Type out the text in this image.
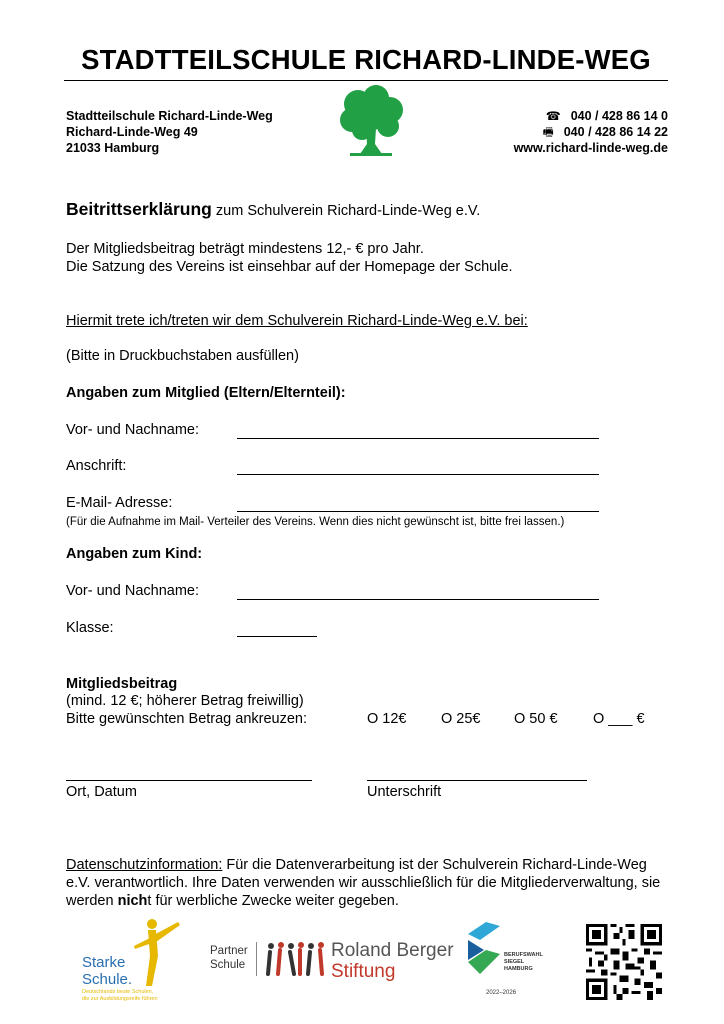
STADTTEILSCHULE RICHARD-LINDE-WEG
Stadtteilschule Richard-Linde-Weg
Richard-Linde-Weg 49
21033 Hamburg
☎ 040 / 428 86 14 0
🖷 040 / 428 86 14 22
www.richard-linde-weg.de
Beitrittserklärung zum Schulverein Richard-Linde-Weg e.V.
Der Mitgliedsbeitrag beträgt mindestens 12,- € pro Jahr.
Die Satzung des Vereins ist einsehbar auf der Homepage der Schule.
Hiermit trete ich/treten wir dem Schulverein Richard-Linde-Weg e.V. bei:
(Bitte in Druckbuchstaben ausfüllen)
Angaben zum Mitglied (Eltern/Elternteil):
Vor- und Nachname:
Anschrift:
E-Mail- Adresse:
(Für die Aufnahme im Mail- Verteiler des Vereins. Wenn dies nicht gewünscht ist, bitte frei lassen.)
Angaben zum Kind:
Vor- und Nachname:
Klasse:
Mitgliedsbeitrag
(mind. 12 €; höherer Betrag freiwillig)
Bitte gewünschten Betrag ankreuzen:	O 12€ O 25€ O 50 € O ___ €
Ort, Datum	Unterschrift
Datenschutzinformation: Für die Datenverarbeitung ist der Schulverein Richard-Linde-Weg e.V. verantwortlich. Ihre Daten verwenden wir ausschließlich für die Mitgliederverwaltung, sie werden nicht für werbliche Zwecke weiter gegeben.
Starke
Schule.
Deutschlands beste Schulen,
die zur Ausbildungsreife führen
Partner
Schule
Roland Berger
Stiftung
BERUFSWAHL
SIEGEL
HAMBURG
2022–2026
